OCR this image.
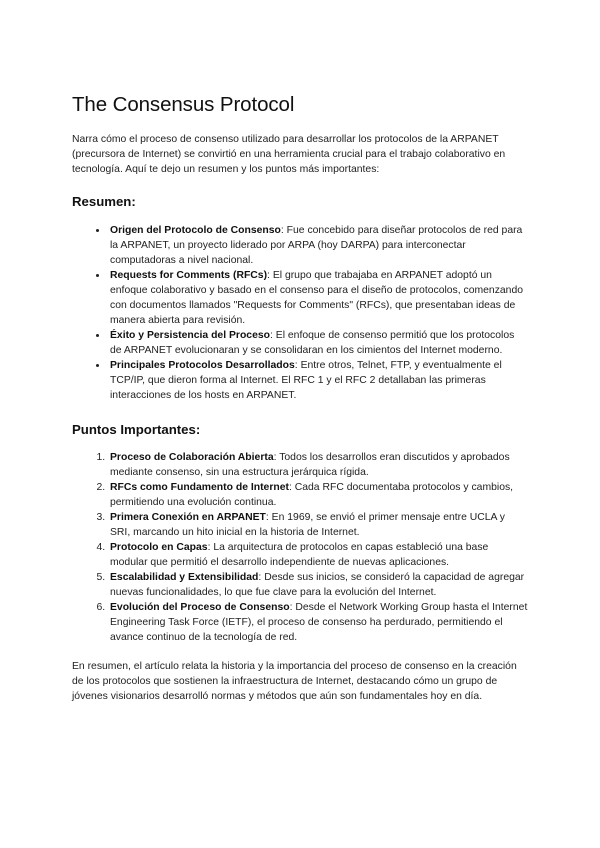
The Consensus Protocol

Narra cómo el proceso de consenso utilizado para desarrollar los protocolos de la ARPANET (precursora de Internet) se convirtió en una herramienta crucial para el trabajo colaborativo en tecnología. Aquí te dejo un resumen y los puntos más importantes:

Resumen:
• Origen del Protocolo de Consenso: Fue concebido para diseñar protocolos de red para la ARPANET, un proyecto liderado por ARPA (hoy DARPA) para interconectar computadoras a nivel nacional.
• Requests for Comments (RFCs): El grupo que trabajaba en ARPANET adoptó un enfoque colaborativo y basado en el consenso para el diseño de protocolos, comenzando con documentos llamados "Requests for Comments" (RFCs), que presentaban ideas de manera abierta para revisión.
• Éxito y Persistencia del Proceso: El enfoque de consenso permitió que los protocolos de ARPANET evolucionaran y se consolidaran en los cimientos del Internet moderno.
• Principales Protocolos Desarrollados: Entre otros, Telnet, FTP, y eventualmente el TCP/IP, que dieron forma al Internet. El RFC 1 y el RFC 2 detallaban las primeras interacciones de los hosts en ARPANET.
Puntos Importantes:
1. Proceso de Colaboración Abierta: Todos los desarrollos eran discutidos y aprobados mediante consenso, sin una estructura jerárquica rígida.
2. RFCs como Fundamento de Internet: Cada RFC documentaba protocolos y cambios, permitiendo una evolución continua.
3. Primera Conexión en ARPANET: En 1969, se envió el primer mensaje entre UCLA y SRI, marcando un hito inicial en la historia de Internet.
4. Protocolo en Capas: La arquitectura de protocolos en capas estableció una base modular que permitió el desarrollo independiente de nuevas aplicaciones.
5. Escalabilidad y Extensibilidad: Desde sus inicios, se consideró la capacidad de agregar nuevas funcionalidades, lo que fue clave para la evolución del Internet.
6. Evolución del Proceso de Consenso: Desde el Network Working Group hasta el Internet Engineering Task Force (IETF), el proceso de consenso ha perdurado, permitiendo el avance continuo de la tecnología de red.

En resumen, el artículo relata la historia y la importancia del proceso de consenso en la creación de los protocolos que sostienen la infraestructura de Internet, destacando cómo un grupo de jóvenes visionarios desarrolló normas y métodos que aún son fundamentales hoy en día.
